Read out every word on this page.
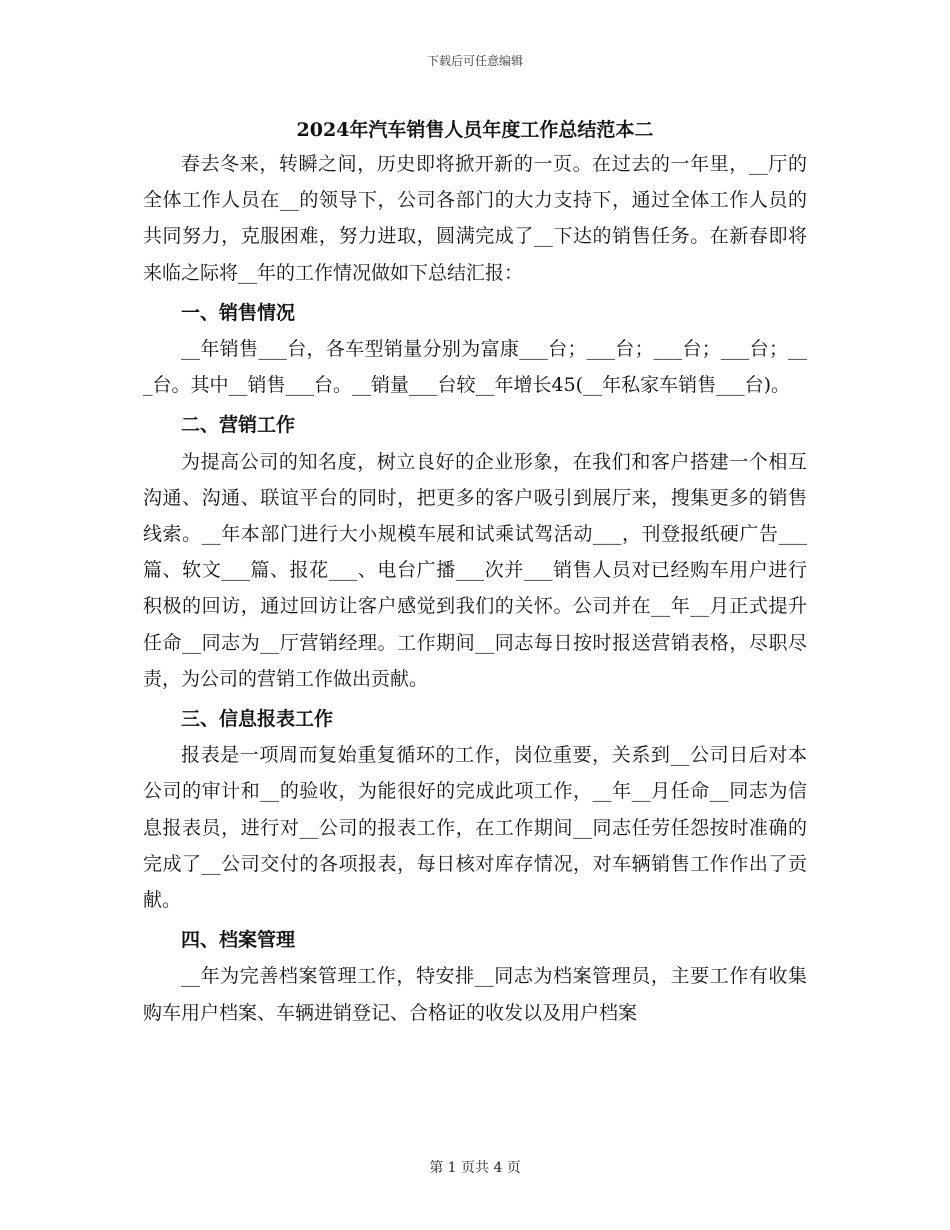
下载后可任意编辑
2024年汽车销售人员年度工作总结范本二

春去冬来，转瞬之间，历史即将掀开新的一页。在过去的一年里，__厅的全体工作人员在__的领导下，公司各部门的大力支持下，通过全体工作人员的共同努力，克服困难，努力进取，圆满完成了__下达的销售任务。在新春即将来临之际将__年的工作情况做如下总结汇报：

一、销售情况

__年销售___台，各车型销量分别为富康___台；___台；___台；___台；___台。其中__销售___台。__销量___台较__年增长45(__年私家车销售___台)。

二、营销工作

为提高公司的知名度，树立良好的企业形象，在我们和客户搭建一个相互沟通、沟通、联谊平台的同时，把更多的客户吸引到展厅来，搜集更多的销售线索。__年本部门进行大小规模车展和试乘试驾活动___，刊登报纸硬广告___篇、软文___篇、报花___、电台广播___次并___销售人员对已经购车用户进行积极的回访，通过回访让客户感觉到我们的关怀。公司并在__年__月正式提升任命__同志为__厅营销经理。工作期间__同志每日按时报送营销表格，尽职尽责，为公司的营销工作做出贡献。

三、信息报表工作

报表是一项周而复始重复循环的工作，岗位重要，关系到__公司日后对本公司的审计和__的验收，为能很好的完成此项工作，__年__月任命__同志为信息报表员，进行对__公司的报表工作，在工作期间__同志任劳任怨按时准确的完成了__公司交付的各项报表，每日核对库存情况，对车辆销售工作作出了贡献。

四、档案管理

__年为完善档案管理工作，特安排__同志为档案管理员，主要工作有收集购车用户档案、车辆进销登记、合格证的收发以及用户档案

第 1 页共 4 页
